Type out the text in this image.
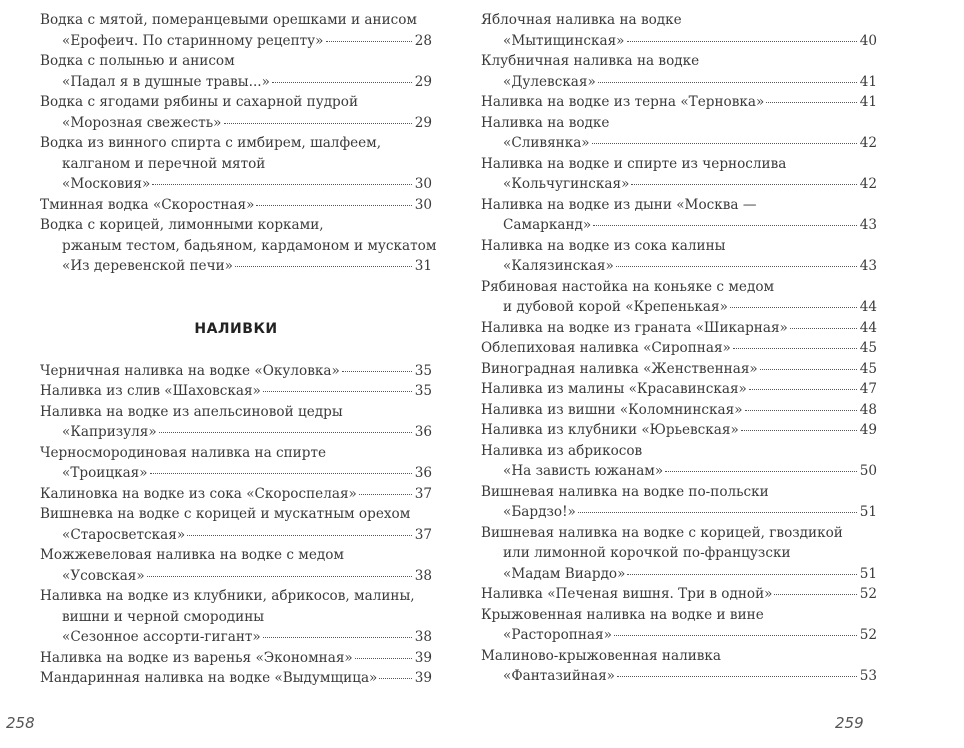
Водка с мятой, померанцевыми орешками и анисом
«Ерофеич. По старинному рецепту»	28
Водка с полынью и анисом
«Падал я в душные травы...»	29
Водка с ягодами рябины и сахарной пудрой
«Морозная свежесть»	29
Водка из винного спирта с имбирем, шалфеем,
калганом и перечной мятой
«Московия»	30
Тминная водка «Скоростная»	30
Водка с корицей, лимонными корками,
ржаным тестом, бадьяном, кардамоном и мускатом
«Из деревенской печи»	31
НАЛИВКИ
Черничная наливка на водке «Окуловка»	35
Наливка из слив «Шаховская»	35
Наливка на водке из апельсиновой цедры
«Капризуля»	36
Черносмородиновая наливка на спирте
«Троицкая»	36
Калиновка на водке из сока «Скороспелая»	37
Вишневка на водке с корицей и мускатным орехом
«Старосветская»	37
Можжевеловая наливка на водке с медом
«Усовская»	38
Наливка на водке из клубники, абрикосов, малины,
вишни и черной смородины
«Сезонное ассорти-гигант»	38
Наливка на водке из варенья «Экономная»	39
Мандаринная наливка на водке «Выдумщица»	39
Яблочная наливка на водке
«Мытищинская»	40
Клубничная наливка на водке
«Дулевская»	41
Наливка на водке из терна «Терновка»	41
Наливка на водке
«Сливянка»	42
Наливка на водке и спирте из чернослива
«Кольчугинская»	42
Наливка на водке из дыни «Москва —
Самарканд»	43
Наливка на водке из сока калины
«Калязинская»	43
Рябиновая настойка на коньяке с медом
и дубовой корой «Крепенькая»	44
Наливка на водке из граната «Шикарная»	44
Облепиховая наливка «Сиропная»	45
Виноградная наливка «Женственная»	45
Наливка из малины «Красавинская»	47
Наливка из вишни «Коломнинская»	48
Наливка из клубники «Юрьевская»	49
Наливка из абрикосов
«На зависть южанам»	50
Вишневая наливка на водке по-польски
«Бардзо!»	51
Вишневая наливка на водке с корицей, гвоздикой
или лимонной корочкой по-французски
«Мадам Виардо»	51
Наливка «Печеная вишня. Три в одной»	52
Крыжовенная наливка на водке и вине
«Расторопная»	52
Малиново-крыжовенная наливка
«Фантазийная»	53
258	259
